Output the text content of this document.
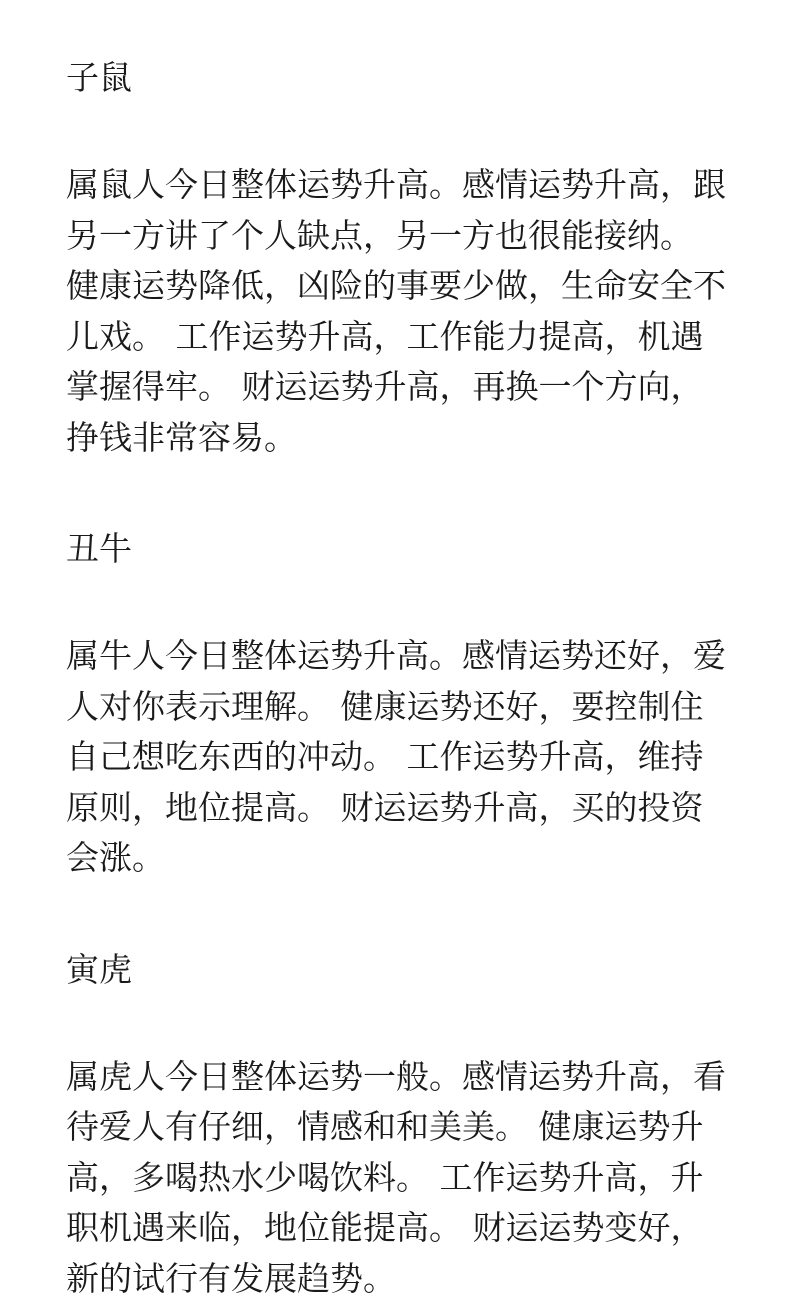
子鼠

属鼠人今日整体运势升高。感情运势升高，跟另一方讲了个人缺点，另一方也很能接纳。 健康运势降低，凶险的事要少做，生命安全不儿戏。 工作运势升高，工作能力提高，机遇掌握得牢。 财运运势升高，再换一个方向，挣钱非常容易。

丑牛

属牛人今日整体运势升高。感情运势还好，爱人对你表示理解。 健康运势还好，要控制住自己想吃东西的冲动。 工作运势升高，维持原则，地位提高。 财运运势升高，买的投资会涨。

寅虎

属虎人今日整体运势一般。感情运势升高，看待爱人有仔细，情感和和美美。 健康运势升高，多喝热水少喝饮料。 工作运势升高，升职机遇来临，地位能提高。 财运运势变好，新的试行有发展趋势。
